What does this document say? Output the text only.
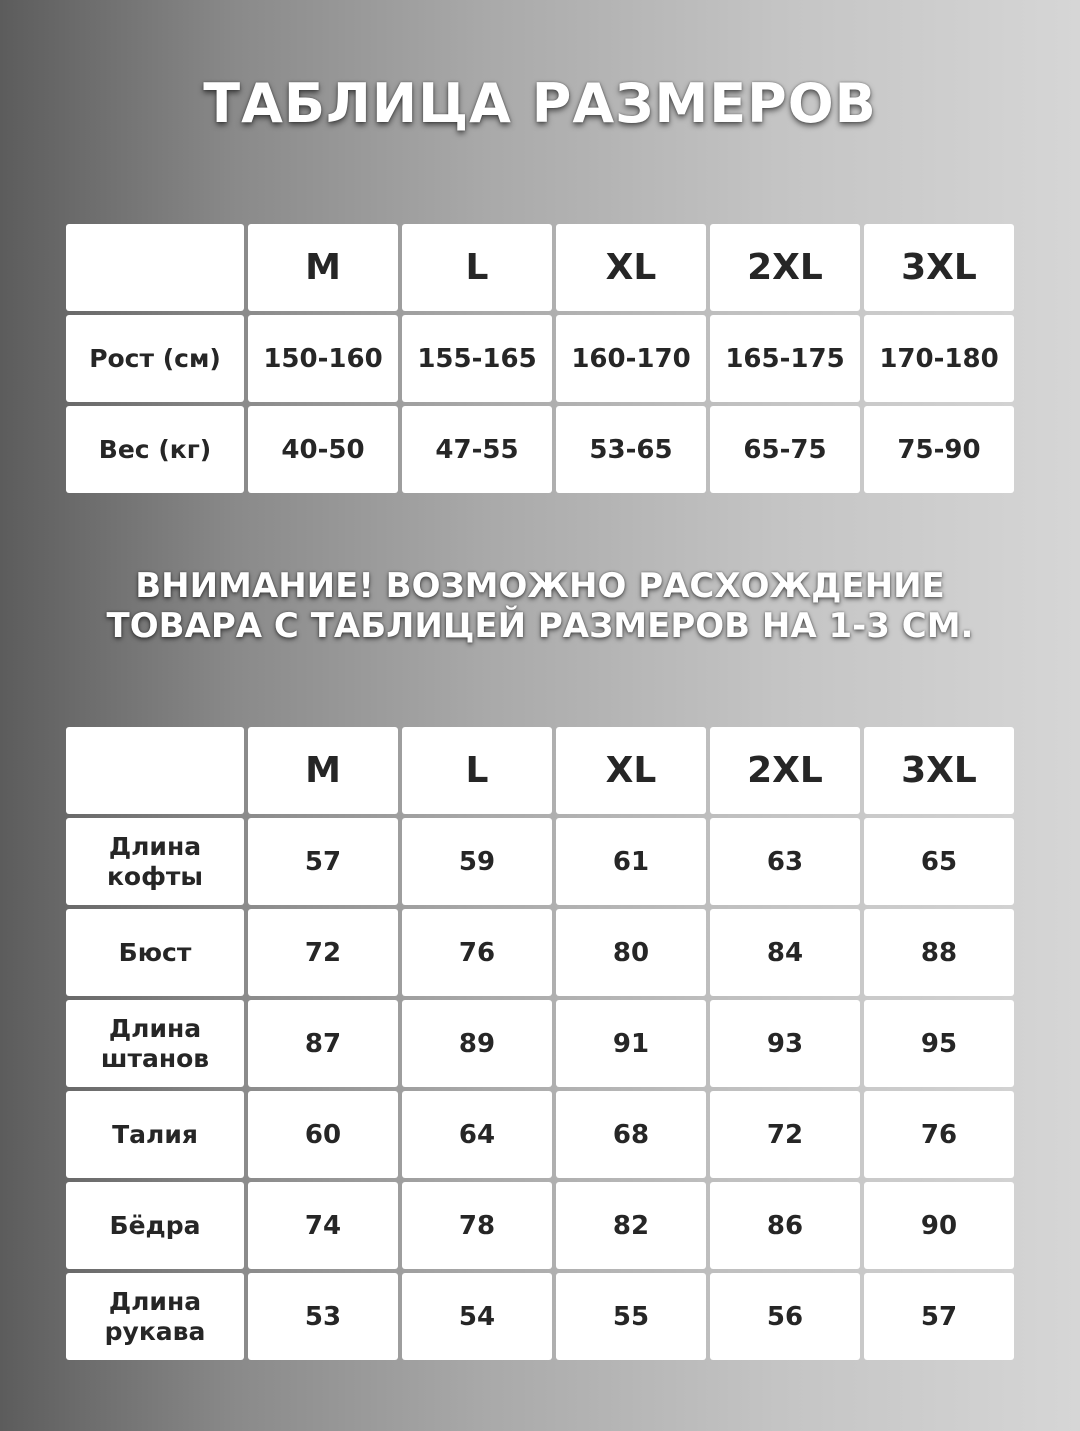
ТАБЛИЦА РАЗМЕРОВ
M	L	XL	2XL	3XL
Рост (см)	150-160	155-165	160-170	165-175	170-180
Вес (кг)	40-50	47-55	53-65	65-75	75-90
ВНИМАНИЕ! ВОЗМОЖНО РАСХОЖДЕНИЕ
ТОВАРА С ТАБЛИЦЕЙ РАЗМЕРОВ НА 1-3 СМ.
M	L	XL	2XL	3XL
Длина
кофты	57	59	61	63	65
Бюст	72	76	80	84	88
Длина
штанов	87	89	91	93	95
Талия	60	64	68	72	76
Бёдра	74	78	82	86	90
Длина
рукава	53	54	55	56	57
